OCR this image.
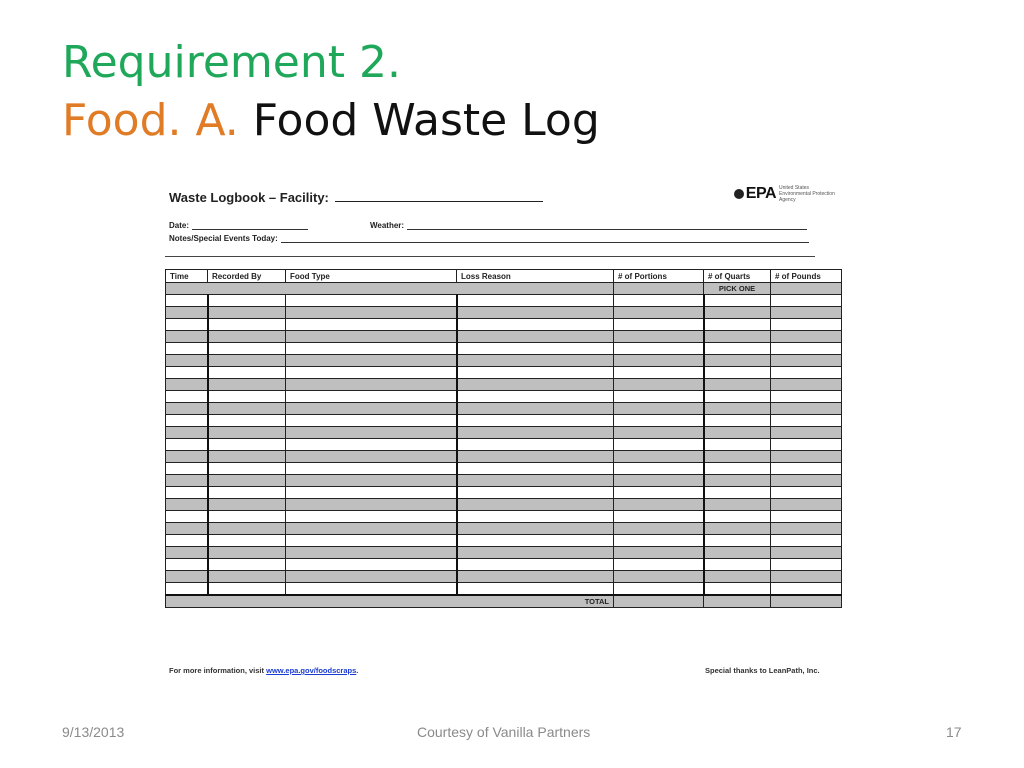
Requirement 2.
Food. A. Food Waste Log
Waste Logbook – Facility:	EPA United States Environmental Protection Agency
Date:	Weather:
Notes/Special Events Today:
Time	Recorded By	Food Type	Loss Reason	# of Portions	# of Quarts	# of Pounds
					PICK ONE	

TOTAL						
For more information, visit www.epa.gov/foodscraps.	Special thanks to LeanPath, Inc.
9/13/2013	Courtesy of Vanilla Partners	17
